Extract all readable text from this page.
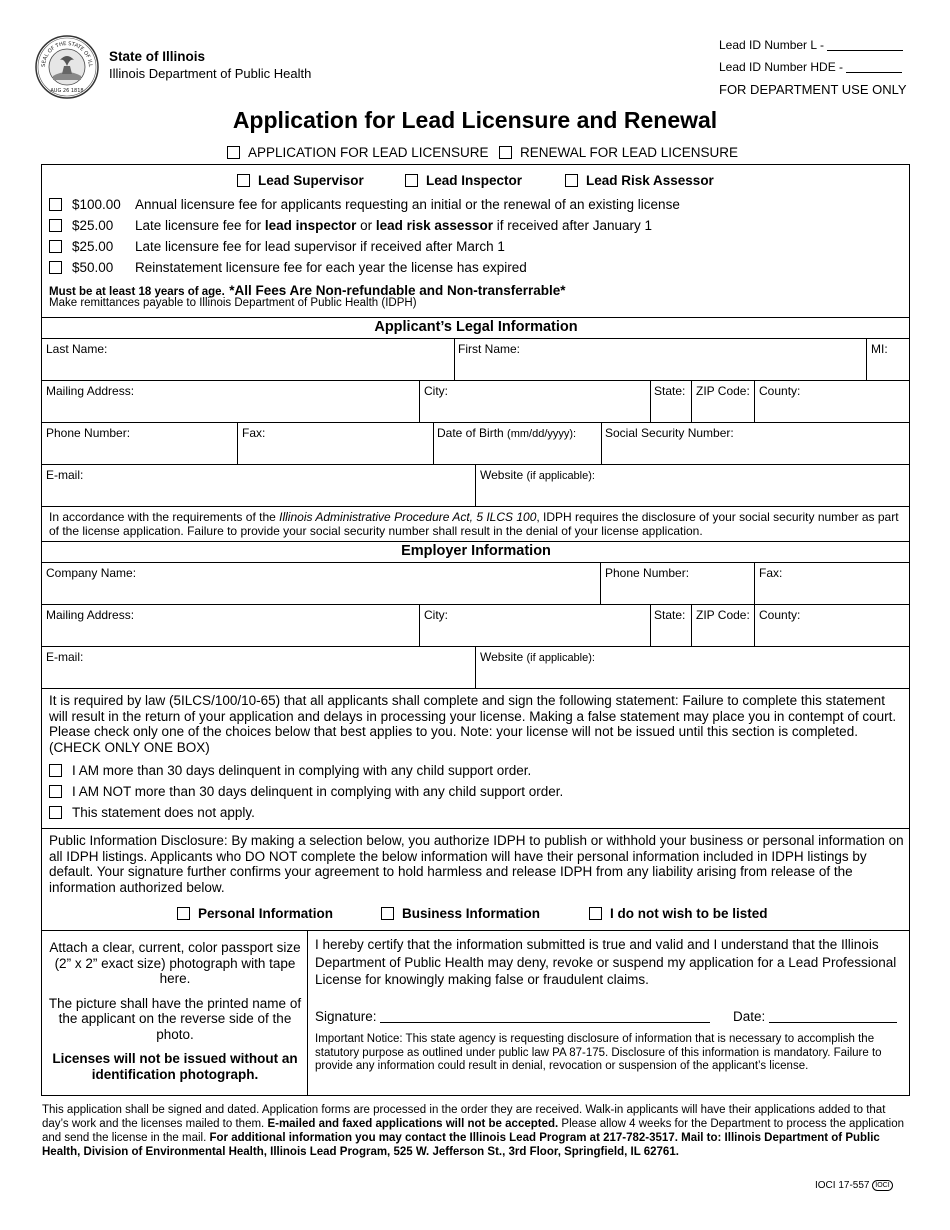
SEAL OF THE STATE OF ILL
AUG 26 1818
State of Illinois
Illinois Department of Public Health
Lead ID Number L -
Lead ID Number HDE -
FOR DEPARTMENT USE ONLY
Application for Lead Licensure and Renewal
APPLICATION FOR LEAD LICENSURE	RENEWAL FOR LEAD LICENSURE
Lead Supervisor	Lead Inspector	Lead Risk Assessor
$100.00 Annual licensure fee for applicants requesting an initial or the renewal of an existing license
$25.00 Late licensure fee for lead inspector or lead risk assessor if received after January 1
$25.00 Late licensure fee for lead supervisor if received after March 1
$50.00 Reinstatement licensure fee for each year the license has expired
Must be at least 18 years of age. *All Fees Are Non-refundable and Non-transferrable*
Make remittances payable to Illinois Department of Public Health (IDPH)
Applicant’s Legal Information
Last Name:	First Name:	MI:
Mailing Address:	City:	State: ZIP Code: County:
Phone Number:	Fax:	Date of Birth (mm/dd/yyyy): Social Security Number:
E-mail:	Website (if applicable):
In accordance with the requirements of the Illinois Administrative Procedure Act, 5 ILCS 100, IDPH requires the disclosure of your social security number as part of the license application. Failure to provide your social security number shall result in the denial of your license application.
Employer Information
Company Name:	Phone Number:	Fax:
Mailing Address:	City:	State: ZIP Code: County:
E-mail:	Website (if applicable):
It is required by law (5ILCS/100/10-65) that all applicants shall complete and sign the following statement: Failure to complete this statement will result in the return of your application and delays in processing your license. Making a false statement may place you in contempt of court. Please check only one of the choices below that best applies to you. Note: your license will not be issued until this section is completed. (CHECK ONLY ONE BOX)
I AM more than 30 days delinquent in complying with any child support order.
I AM NOT more than 30 days delinquent in complying with any child support order.
This statement does not apply.
Public Information Disclosure: By making a selection below, you authorize IDPH to publish or withhold your business or personal information on all IDPH listings. Applicants who DO NOT complete the below information will have their personal information included in IDPH listings by default. Your signature further confirms your agreement to hold harmless and release IDPH from any liability arising from release of the information authorized below.
Personal Information	Business Information	I do not wish to be listed
Attach a clear, current, color passport size (2” x 2” exact size) photograph with tape here.
The picture shall have the printed name of the applicant on the reverse side of the photo.
Licenses will not be issued without an identification photograph.
I hereby certify that the information submitted is true and valid and I understand that the Illinois Department of Public Health may deny, revoke or suspend my application for a Lead Professional License for knowingly making false or fraudulent claims.
Signature:	Date:
Important Notice: This state agency is requesting disclosure of information that is necessary to accomplish the statutory purpose as outlined under public law PA 87-175. Disclosure of this information is mandatory. Failure to provide any information could result in denial, revocation or suspension of the applicant’s license.
This application shall be signed and dated. Application forms are processed in the order they are received. Walk-in applicants will have their applications added to that day’s work and the licenses mailed to them. E-mailed and faxed applications will not be accepted. Please allow 4 weeks for the Department to process the application and send the license in the mail. For additional information you may contact the Illinois Lead Program at 217-782-3517. Mail to: Illinois Department of Public Health, Division of Environmental Health, Illinois Lead Program, 525 W. Jefferson St., 3rd Floor, Springfield, IL 62761.
IOCI 17-557 IOCI
